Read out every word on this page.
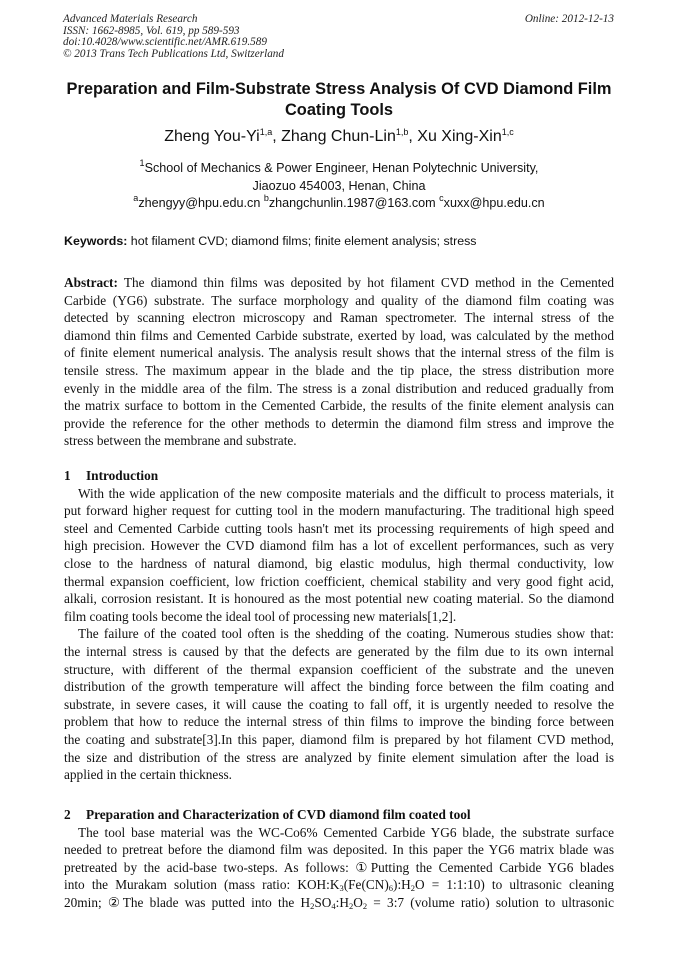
Advanced Materials Research
ISSN: 1662-8985, Vol. 619, pp 589-593
doi:10.4028/www.scientific.net/AMR.619.589
© 2013 Trans Tech Publications Ltd, Switzerland
Online: 2012-12-13
Preparation and Film-Substrate Stress Analysis Of CVD Diamond Film
Coating Tools
Zheng You-Yi$^{1,a}$, Zhang Chun-Lin$^{1,b}$, Xu Xing-Xin$^{1,c}$
$^1$School of Mechanics & Power Engineer, Henan Polytechnic University,
Jiaozuo 454003, Henan, China
$^a$zhengyy@hpu.edu.cn $^b$zhangchunlin.1987@163.com $^c$xuxx@hpu.edu.cn
Keywords: hot filament CVD; diamond films; finite element analysis; stress
Abstract: The diamond thin films was deposited by hot filament CVD method in the Cemented
Carbide (YG6) substrate. The surface morphology and quality of the diamond film coating was
detected by scanning electron microscopy and Raman spectrometer. The internal stress of the
diamond thin films and Cemented Carbide substrate, exerted by load, was calculated by the method
of finite element numerical analysis. The analysis result shows that the internal stress of the film is
tensile stress. The maximum appear in the blade and the tip place, the stress distribution more
evenly in the middle area of the film. The stress is a zonal distribution and reduced gradually from
the matrix surface to bottom in the Cemented Carbide, the results of the finite element analysis can
provide the reference for the other methods to determin the diamond film stress and improve the
stress between the membrane and substrate.
1 Introduction
With the wide application of the new composite materials and the difficult to process materials, it
put forward higher request for cutting tool in the modern manufacturing. The traditional high speed
steel and Cemented Carbide cutting tools hasn't met its processing requirements of high speed and
high precision. However the CVD diamond film has a lot of excellent performances, such as very
close to the hardness of natural diamond, big elastic modulus, high thermal conductivity, low
thermal expansion coefficient, low friction coefficient, chemical stability and very good fight acid,
alkali, corrosion resistant. It is honoured as the most potential new coating material. So the diamond
film coating tools become the ideal tool of processing new materials[1,2].
The failure of the coated tool often is the shedding of the coating. Numerous studies show that:
the internal stress is caused by that the defects are generated by the film due to its own internal
structure, with different of the thermal expansion coefficient of the substrate and the uneven
distribution of the growth temperature will affect the binding force between the film coating and
substrate, in severe cases, it will cause the coating to fall off, it is urgently needed to resolve the
problem that how to reduce the internal stress of thin films to improve the binding force between
the coating and substrate[3].In this paper, diamond film is prepared by hot filament CVD method,
the size and distribution of the stress are analyzed by finite element simulation after the load is
applied in the certain thickness.
2 Preparation and Characterization of CVD diamond film coated tool
The tool base material was the WC-Co6% Cemented Carbide YG6 blade, the substrate surface
needed to pretreat before the diamond film was deposited. In this paper the YG6 matrix blade was
pretreated by the acid-base two-steps. As follows: ①Putting the Cemented Carbide YG6 blades
into the Murakam solution (mass ratio: $KOH:K_3(Fe(CN)_6):H_2O$ = 1:1:10) to ultrasonic cleaning
20min; ②The blade was putted into the $H_2SO_4:H_2O_2$ = 3:7 (volume ratio) solution to ultrasonic
